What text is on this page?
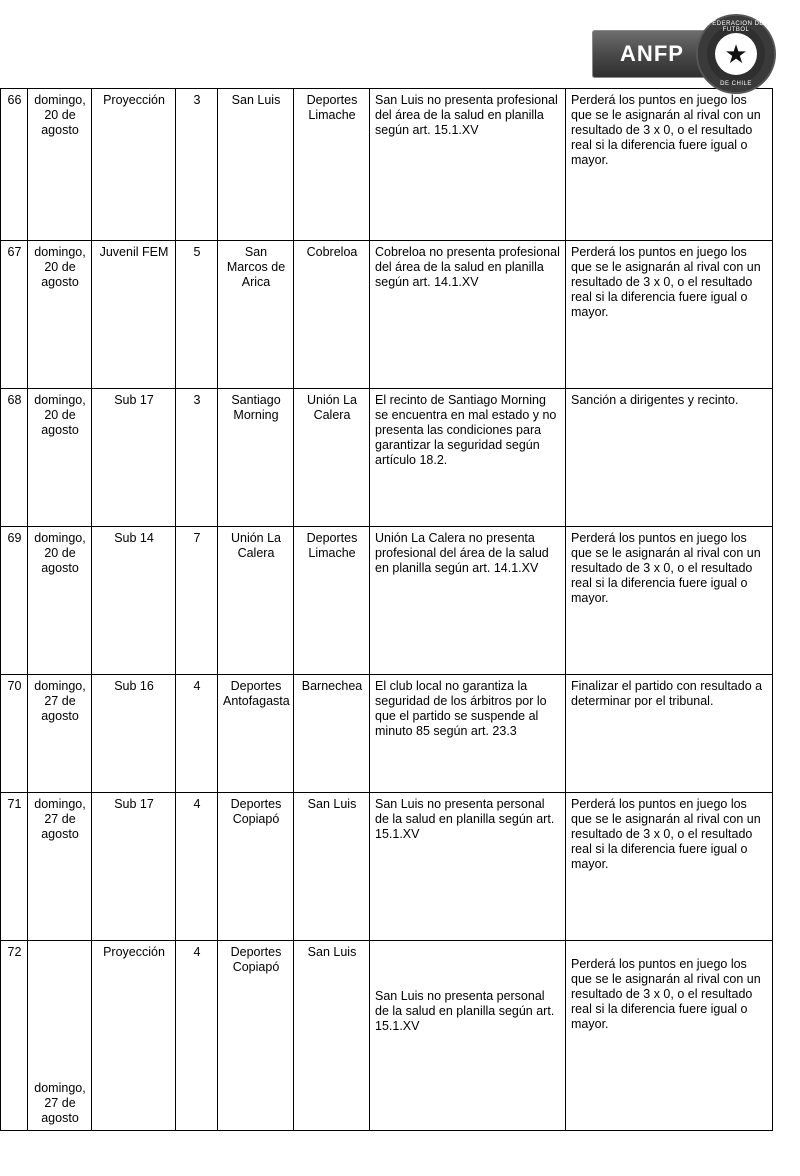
ANFP
FEDERACION DE FUTBOL
★
DE CHILE
66	domingo, 20 de agosto	Proyección	3	San Luis	Deportes Limache	San Luis no presenta profesional del área de la salud en planilla según art. 15.1.XV	Perderá los puntos en juego los que se le asignarán al rival con un resultado de 3 x 0, o el resultado real si la diferencia fuere igual o mayor.
67	domingo, 20 de agosto	Juvenil FEM	5	San Marcos de Arica	Cobreloa	Cobreloa no presenta profesional del área de la salud en planilla según art. 14.1.XV	Perderá los puntos en juego los que se le asignarán al rival con un resultado de 3 x 0, o el resultado real si la diferencia fuere igual o mayor.
68	domingo, 20 de agosto	Sub 17	3	Santiago Morning	Unión La Calera	El recinto de Santiago Morning se encuentra en mal estado y no presenta las condiciones para garantizar la seguridad según artículo 18.2.	Sanción a dirigentes y recinto.
69	domingo, 20 de agosto	Sub 14	7	Unión La Calera	Deportes Limache	Unión La Calera no presenta profesional del área de la salud en planilla según art. 14.1.XV	Perderá los puntos en juego los que se le asignarán al rival con un resultado de 3 x 0, o el resultado real si la diferencia fuere igual o mayor.
70	domingo, 27 de agosto	Sub 16	4	Deportes Antofagasta	Barnechea	El club local no garantiza la seguridad de los árbitros por lo que el partido se suspende al minuto 85 según art. 23.3	Finalizar el partido con resultado a determinar por el tribunal.
71	domingo, 27 de agosto	Sub 17	4	Deportes Copiapó	San Luis	San Luis no presenta personal de la salud en planilla según art. 15.1.XV	Perderá los puntos en juego los que se le asignarán al rival con un resultado de 3 x 0, o el resultado real si la diferencia fuere igual o mayor.
72	domingo, 27 de agosto	Proyección	4	Deportes Copiapó	San Luis	San Luis no presenta personal de la salud en planilla según art. 15.1.XV	Perderá los puntos en juego los que se le asignarán al rival con un resultado de 3 x 0, o el resultado real si la diferencia fuere igual o mayor.
